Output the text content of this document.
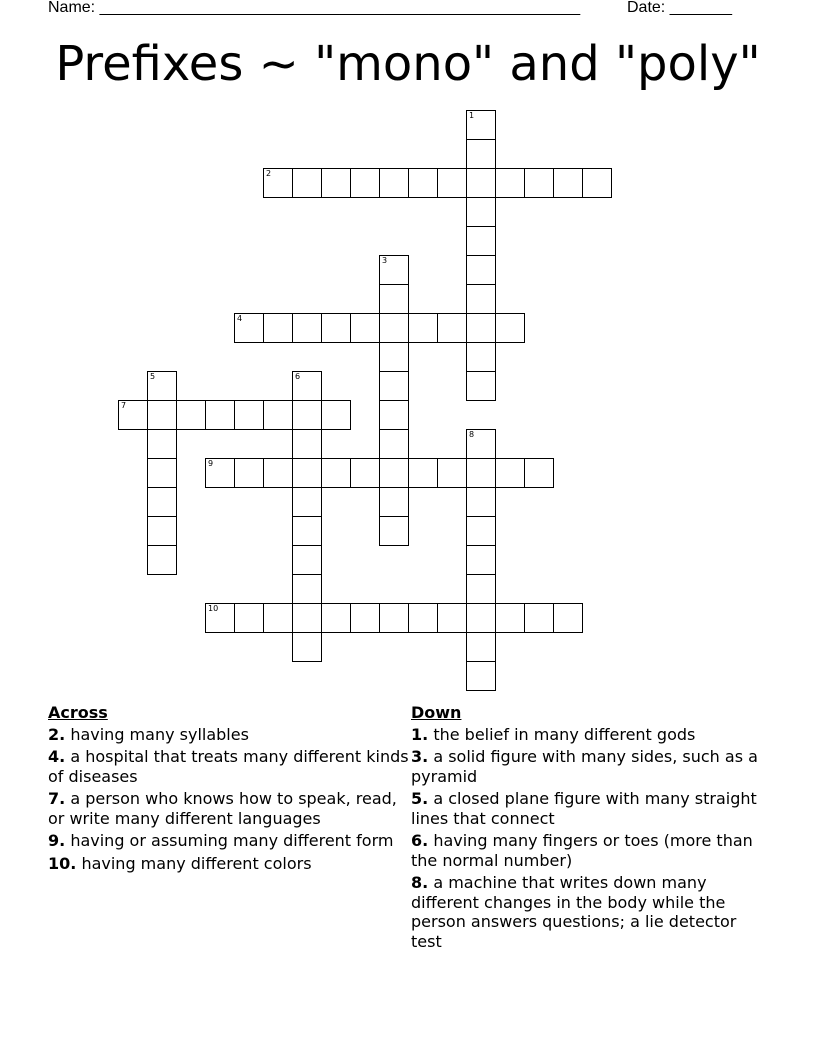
Name: ______________________________________________________	Date: _______
Prefixes ~ "mono" and "poly"
1
2
3
4
5	6
7
8
9
10
Across
2. having many syllables
4. a hospital that treats many different kinds of diseases
7. a person who knows how to speak, read, or write many different languages
9. having or assuming many different form
10. having many different colors
Down
1. the belief in many different gods
3. a solid figure with many sides, such as a pyramid
5. a closed plane figure with many straight lines that connect
6. having many fingers or toes (more than the normal number)
8. a machine that writes down many different changes in the body while the person answers questions; a lie detector test
